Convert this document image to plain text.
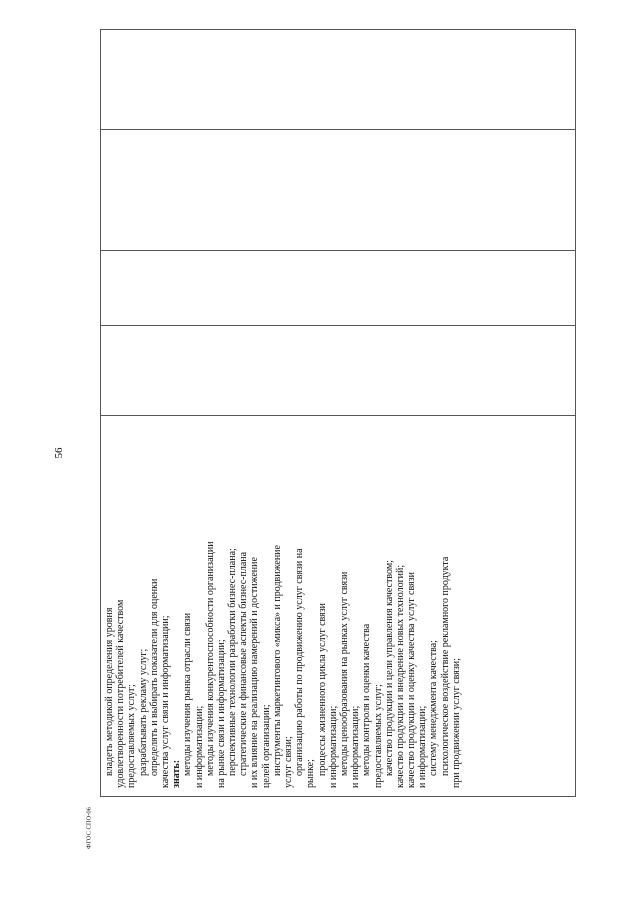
56
владеть методикой определения уровня удовлетворенности потребителей качеством предоставляемых услуг; разрабатывать рекламу услуг; определять и выбирать показатели для оценки качества услуг связи и информатизации; знать: методы изучения рынка отрасли связи и информатизации; методы изучения конкурентоспособности организации на рынке связи и информатизации; перспективные технологии разработки бизнес-плана; стратегические и финансовые аспекты бизнес-плана и их влияние на реализацию намерений и достижение целей организации; инструменты маркетингового «микса» и продвижение услуг связи; организацию работы по продвижению услуг связи на рынке; процессы жизненного цикла услуг связи и информатизации; методы ценообразования на рынках услуг связи и информатизации; методы контроля и оценки качества предоставляемых услуг; качество продукции и цели управления качеством; качество продукции и внедрение новых технологий; качество продукции и оценку качества услуг связи и информатизации; систему менеджмента качества; психологическое воздействие рекламного продукта при продвижении услуг связи;

ФГОС СПО-06
